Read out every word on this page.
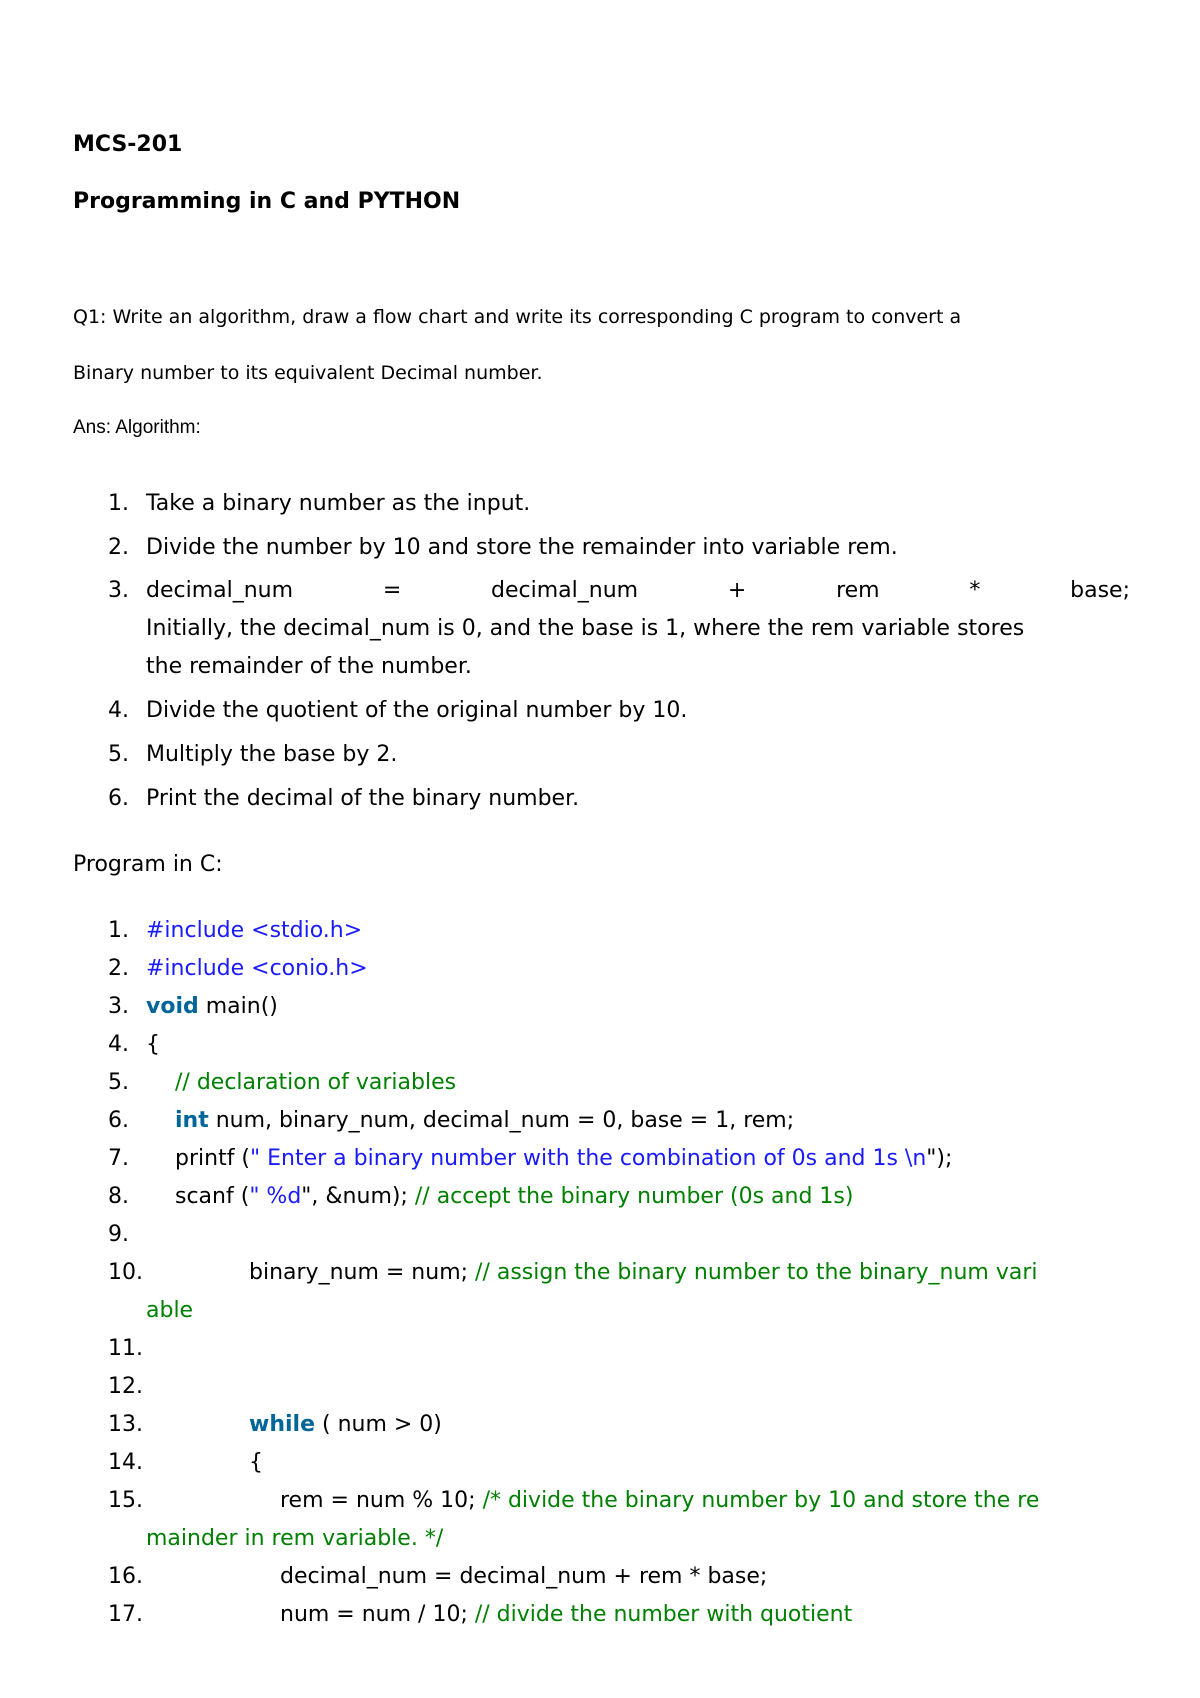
MCS-201
Programming in C and PYTHON
Q1: Write an algorithm, draw a flow chart and write its corresponding C program to convert a
Binary number to its equivalent Decimal number.
Ans: Algorithm:
1. Take a binary number as the input.
2. Divide the number by 10 and store the remainder into variable rem.
3. decimal_num	=	decimal_num	+	rem	*	base;
Initially, the decimal_num is 0, and the base is 1, where the rem variable stores
the remainder of the number.
4. Divide the quotient of the original number by 10.
5. Multiply the base by 2.
6. Print the decimal of the binary number.
Program in C:
1. #include <stdio.h>
2. #include <conio.h>
3. void main()
4. {
5.	// declaration of variables
6.	int num, binary_num, decimal_num = 0, base = 1, rem;
7.	printf (" Enter a binary number with the combination of 0s and 1s \n");
8.	scanf (" %d", &num); // accept the binary number (0s and 1s)
9.
10.	binary_num = num; // assign the binary number to the binary_num vari
able
11.
12.
13.	while ( num > 0)
14.	{
15.	rem = num % 10; /* divide the binary number by 10 and store the re
mainder in rem variable. */
16.	decimal_num = decimal_num + rem * base;
17.	num = num / 10; // divide the number with quotient
